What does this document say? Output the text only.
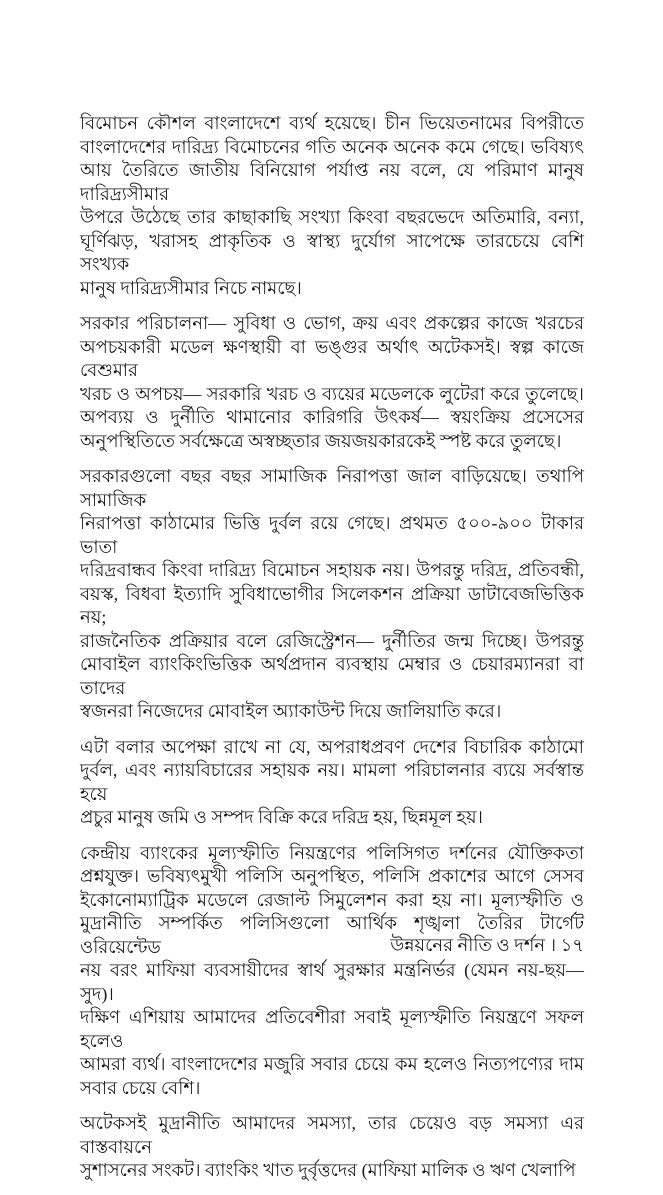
বিমোচন কৌশল বাংলাদেশে ব্যর্থ হয়েছে। চীন ভিয়েতনামের বিপরীতে
বাংলাদেশের দারিদ্র্য বিমোচনের গতি অনেক অনেক কমে গেছে। ভবিষ্যৎ
আয় তৈরিতে জাতীয় বিনিয়োগ পর্যাপ্ত নয় বলে, যে পরিমাণ মানুষ দারিদ্র্যসীমার
উপরে উঠেছে তার কাছাকাছি সংখ্যা কিংবা বছরভেদে অতিমারি, বন্যা,
ঘূর্ণিঝড়, খরাসহ প্রাকৃতিক ও স্বাস্থ্য দুর্যোগ সাপেক্ষে তারচেয়ে বেশি সংখ্যক
মানুষ দারিদ্র্যসীমার নিচে নামছে।

সরকার পরিচালনা— সুবিধা ও ভোগ, ক্রয় এবং প্রকল্পের কাজে খরচের
অপচয়কারী মডেল ক্ষণস্থায়ী বা ভঙ্গুর অর্থাৎ অটেকসই। স্বল্প কাজে বেশুমার
খরচ ও অপচয়— সরকারি খরচ ও ব্যয়ের মডেলকে লুটেরা করে তুলেছে।
অপব্যয় ও দুর্নীতি থামানোর কারিগরি উৎকর্ষ— স্বয়ংক্রিয় প্রসেসের
অনুপস্থিতিতে সর্বক্ষেত্রে অস্বচ্ছতার জয়জয়কারকেই স্পষ্ট করে তুলছে।

সরকারগুলো বছর বছর সামাজিক নিরাপত্তা জাল বাড়িয়েছে। তথাপি সামাজিক
নিরাপত্তা কাঠামোর ভিত্তি দুর্বল রয়ে গেছে। প্রথমত ৫০০-৯০০ টাকার ভাতা
দরিদ্রবান্ধব কিংবা দারিদ্র্য বিমোচন সহায়ক নয়। উপরন্তু দরিদ্র, প্রতিবন্ধী,
বয়স্ক, বিধবা ইত্যাদি সুবিধাভোগীর সিলেকশন প্রক্রিয়া ডাটাবেজভিত্তিক নয়;
রাজনৈতিক প্রক্রিয়ার বলে রেজিস্ট্রেশন— দুর্নীতির জন্ম দিচ্ছে। উপরন্তু
মোবাইল ব্যাংকিংভিত্তিক অর্থপ্রদান ব্যবস্থায় মেম্বার ও চেয়ারম্যানরা বা তাদের
স্বজনরা নিজেদের মোবাইল অ্যাকাউন্ট দিয়ে জালিয়াতি করে।

এটা বলার অপেক্ষা রাখে না যে, অপরাধপ্রবণ দেশের বিচারিক কাঠামো
দুর্বল, এবং ন্যায়বিচারের সহায়ক নয়। মামলা পরিচালনার ব্যয়ে সর্বস্বান্ত হয়ে
প্রচুর মানুষ জমি ও সম্পদ বিক্রি করে দরিদ্র হয়, ছিন্নমূল হয়।

কেন্দ্রীয় ব্যাংকের মূল্যস্ফীতি নিয়ন্ত্রণের পলিসিগত দর্শনের যৌক্তিকতা
প্রশ্নযুক্ত। ভবিষ্যৎমুখী পলিসি অনুপস্থিত, পলিসি প্রকাশের আগে সেসব
ইকোনোম্যাট্রিক মডেলে রেজাল্ট সিমুলেশন করা হয় না। মূল্যস্ফীতি ও
মুদ্রানীতি সম্পর্কিত পলিসিগুলো আর্থিক শৃঙ্খলা তৈরির টার্গেট ওরিয়েন্টেড
নয় বরং মাফিয়া ব্যবসায়ীদের স্বার্থ সুরক্ষার মন্ত্রনির্ভর (যেমন নয়-ছয়— সুদ)।
দক্ষিণ এশিয়ায় আমাদের প্রতিবেশীরা সবাই মূল্যস্ফীতি নিয়ন্ত্রণে সফল হলেও
আমরা ব্যর্থ। বাংলাদেশের মজুরি সবার চেয়ে কম হলেও নিত্যপণ্যের দাম
সবার চেয়ে বেশি।

অটেকসই মুদ্রানীতি আমাদের সমস্যা, তার চেয়েও বড় সমস্যা এর বাস্তবায়নে
সুশাসনের সংকট। ব্যাংকিং খাত দুর্বৃত্তদের (মাফিয়া মালিক ও ঋণ খেলাপি

উন্নয়নের নীতি ও দর্শন । ১৭
